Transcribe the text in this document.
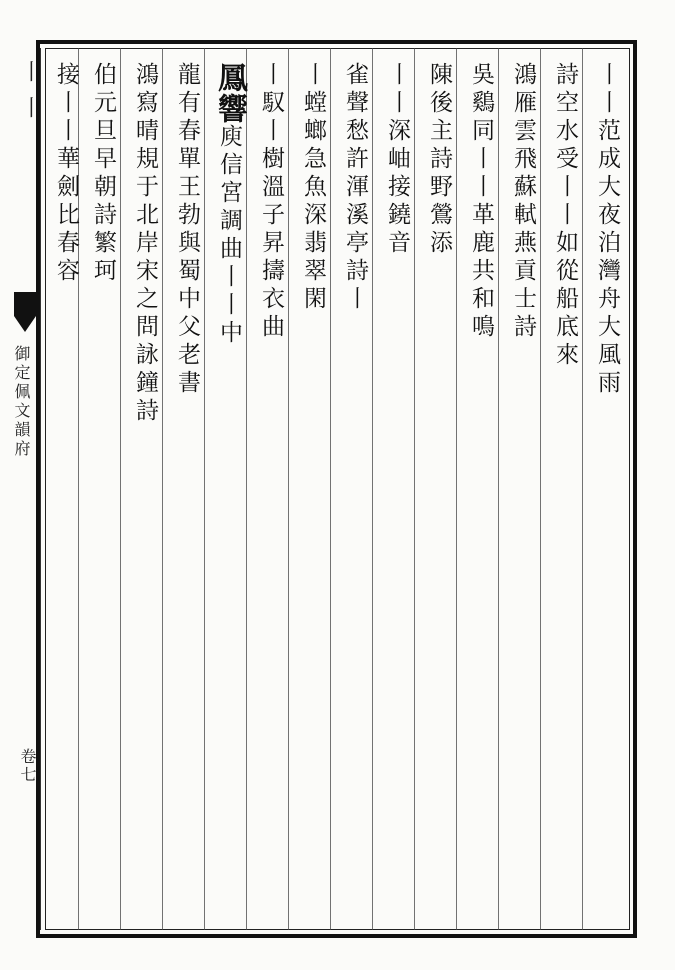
丨丨
御定佩文韻府
卷七
丨丨范成大夜泊灣舟大風雨
詩空水受丨丨如從船底來
鴻雁雲飛蘇軾燕貢士詩
吳鷄同丨丨革鹿共和鳴
陳後主詩野鶯添
丨丨深岫接鐃音
雀聲愁許渾溪亭詩丨
丨螳螂急魚深翡翠閑
丨馭丨樹溫子昇擣衣曲
鳳響庾信宮調曲丨丨中
龍有春單王勃與蜀中父老書
鴻寫晴規于北岸宋之問詠鐘詩
伯元旦早朝詩繁珂
接丨丨華劍比春容
